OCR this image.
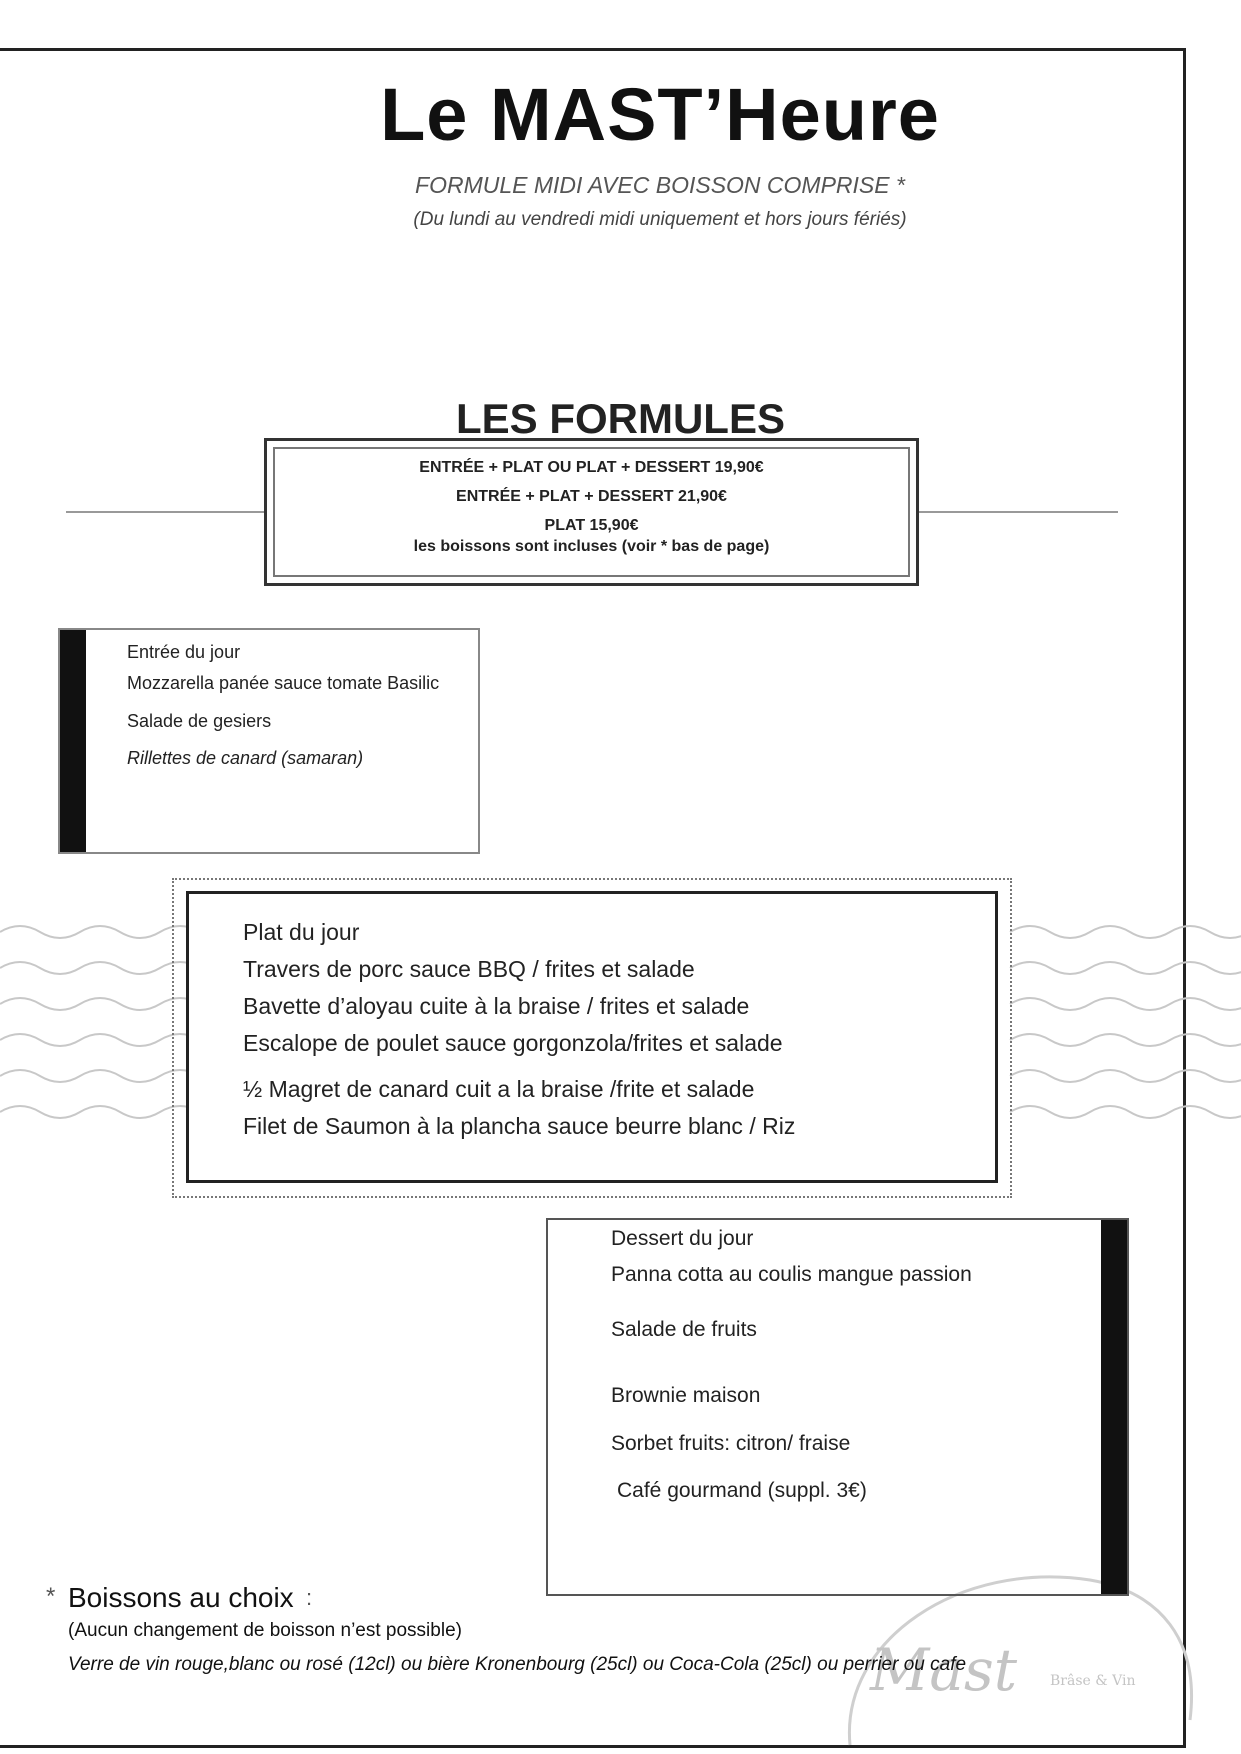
Le MAST’Heure
FORMULE MIDI AVEC BOISSON COMPRISE *
(Du lundi au vendredi midi uniquement et hors jours fériés)
ENTRÉE + PLAT OU PLAT + DESSERT 19,90€
ENTRÉE + PLAT + DESSERT 21,90€
PLAT 15,90€
les boissons sont incluses (voir * bas de page)
LES FORMULES
Entrée du jour
Mozzarella panée sauce tomate Basilic
Salade de gesiers
Rillettes de canard (samaran)
Plat du jour
Travers de porc sauce BBQ / frites et salade
Bavette d’aloyau cuite à la braise / frites et salade
Escalope de poulet sauce gorgonzola/frites et salade
½ Magret de canard cuit a la braise /frite et salade
Filet de Saumon à la plancha sauce beurre blanc / Riz
Mast Brâse & Vin
Dessert du jour
Panna cotta au coulis mangue passion
Salade de fruits
Brownie maison
Sorbet fruits: citron/ fraise
Café gourmand (suppl. 3€)
* Boissons au choix :
(Aucun changement de boisson n’est possible)
Verre de vin rouge,blanc ou rosé (12cl) ou bière Kronenbourg (25cl) ou Coca-Cola (25cl) ou perrier ou cafe
